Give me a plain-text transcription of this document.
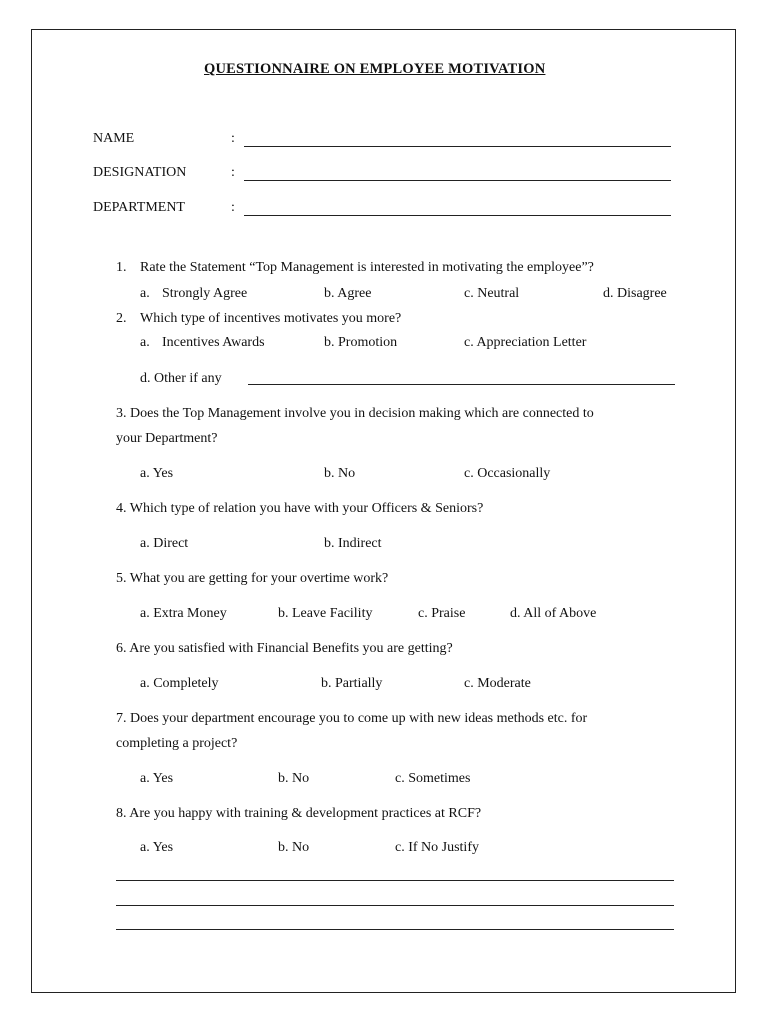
QUESTIONNAIRE ON EMPLOYEE MOTIVATION
NAME	:
DESIGNATION	:
DEPARTMENT	:
1. Rate the Statement “Top Management is interested in motivating the employee”?
a. Strongly Agree	b. Agree	c. Neutral	d. Disagree
2. Which type of incentives motivates you more?
a. Incentives Awards	b. Promotion	c. Appreciation Letter
d. Other if any
3. Does the Top Management involve you in decision making which are connected to
your Department?
a. Yes	b. No	c. Occasionally
4. Which type of relation you have with your Officers & Seniors?
a. Direct	b. Indirect
5. What you are getting for your overtime work?
a. Extra Money	b. Leave Facility	c. Praise	d. All of Above
6. Are you satisfied with Financial Benefits you are getting?
a. Completely	b. Partially	c. Moderate
7. Does your department encourage you to come up with new ideas methods etc. for
completing a project?
a. Yes	b. No	c. Sometimes
8. Are you happy with training & development practices at RCF?
a. Yes	b. No	c. If No Justify
